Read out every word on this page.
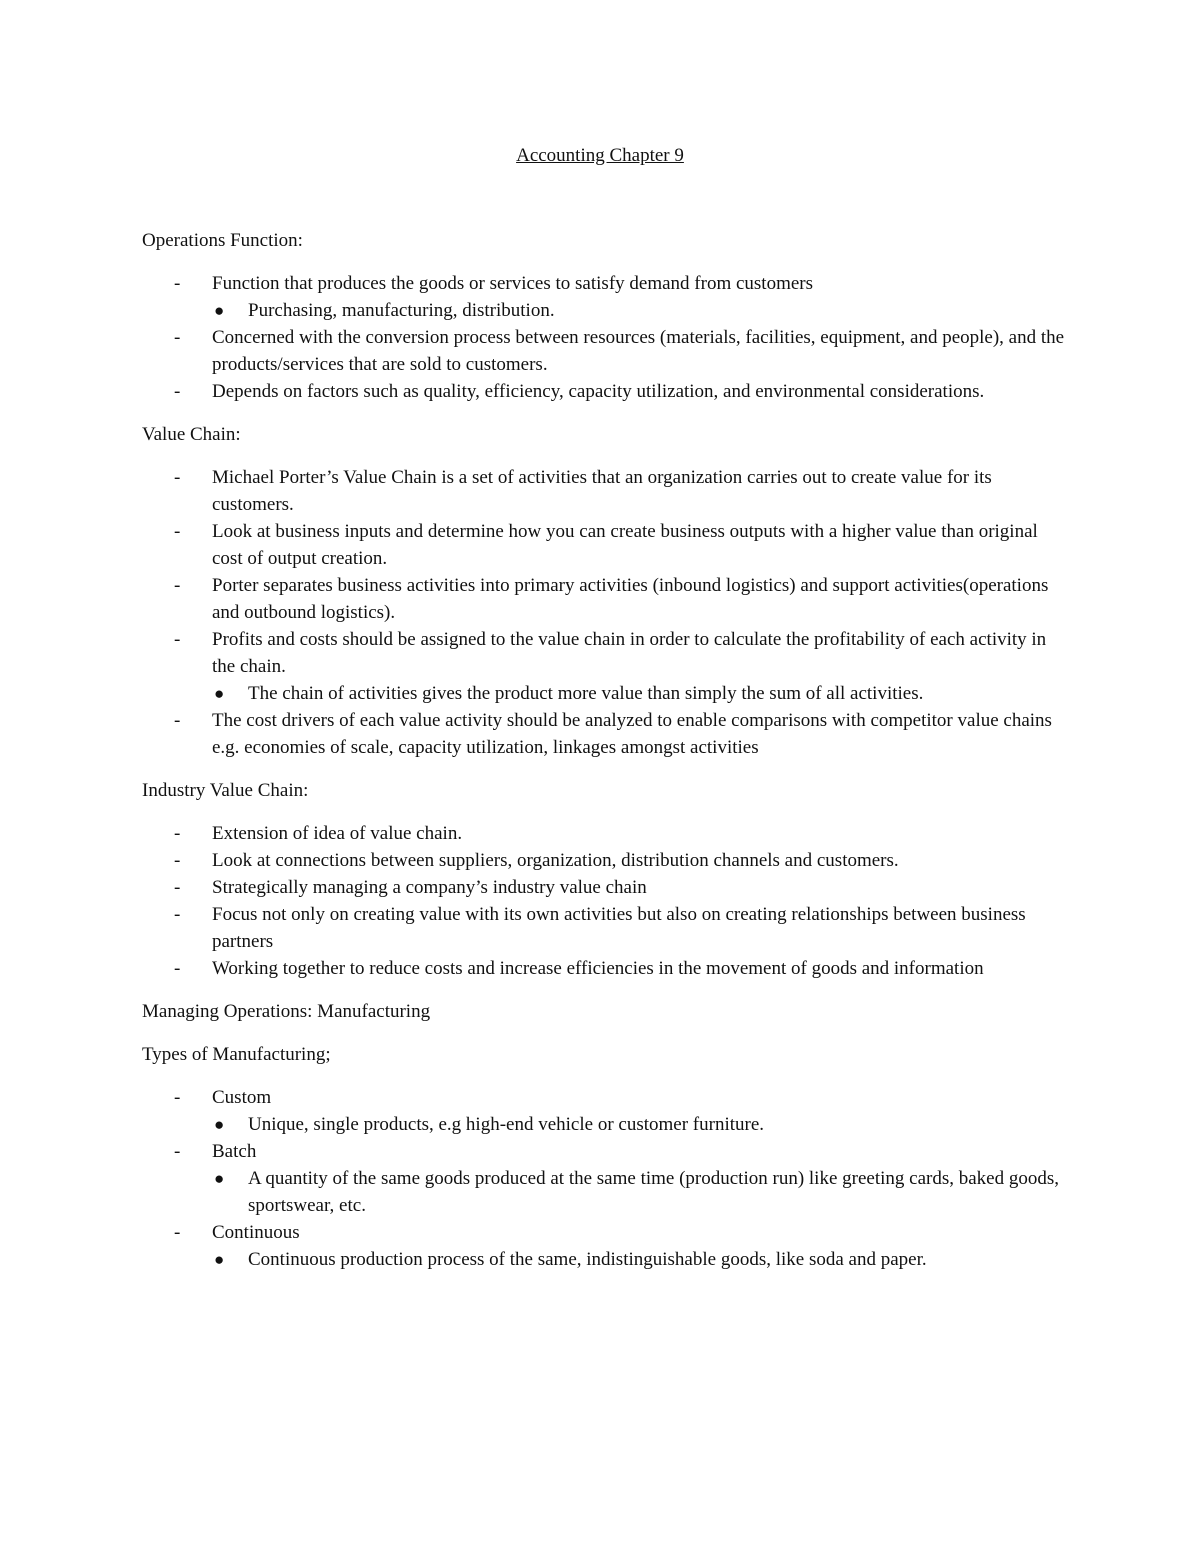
Accounting Chapter 9

Operations Function:

- Function that produces the goods or services to satisfy demand from customers
● Purchasing, manufacturing, distribution.
- Concerned with the conversion process between resources (materials, facilities, equipment, and people), and the products/services that are sold to customers.
- Depends on factors such as quality, efficiency, capacity utilization, and environmental considerations.

Value Chain:

- Michael Porter’s Value Chain is a set of activities that an organization carries out to create value for its customers.
- Look at business inputs and determine how you can create business outputs with a higher value than original cost of output creation.
- Porter separates business activities into primary activities (inbound logistics) and support activities(operations and outbound logistics).
- Profits and costs should be assigned to the value chain in order to calculate the profitability of each activity in the chain.
● The chain of activities gives the product more value than simply the sum of all activities.
- The cost drivers of each value activity should be analyzed to enable comparisons with competitor value chains e.g. economies of scale, capacity utilization, linkages amongst activities

Industry Value Chain:

- Extension of idea of value chain.
- Look at connections between suppliers, organization, distribution channels and customers.
- Strategically managing a company’s industry value chain
- Focus not only on creating value with its own activities but also on creating relationships between business partners
- Working together to reduce costs and increase efficiencies in the movement of goods and information

Managing Operations: Manufacturing

Types of Manufacturing;

- Custom
● Unique, single products, e.g high-end vehicle or customer furniture.
- Batch
● A quantity of the same goods produced at the same time (production run) like greeting cards, baked goods, sportswear, etc.
- Continuous
● Continuous production process of the same, indistinguishable goods, like soda and paper.
